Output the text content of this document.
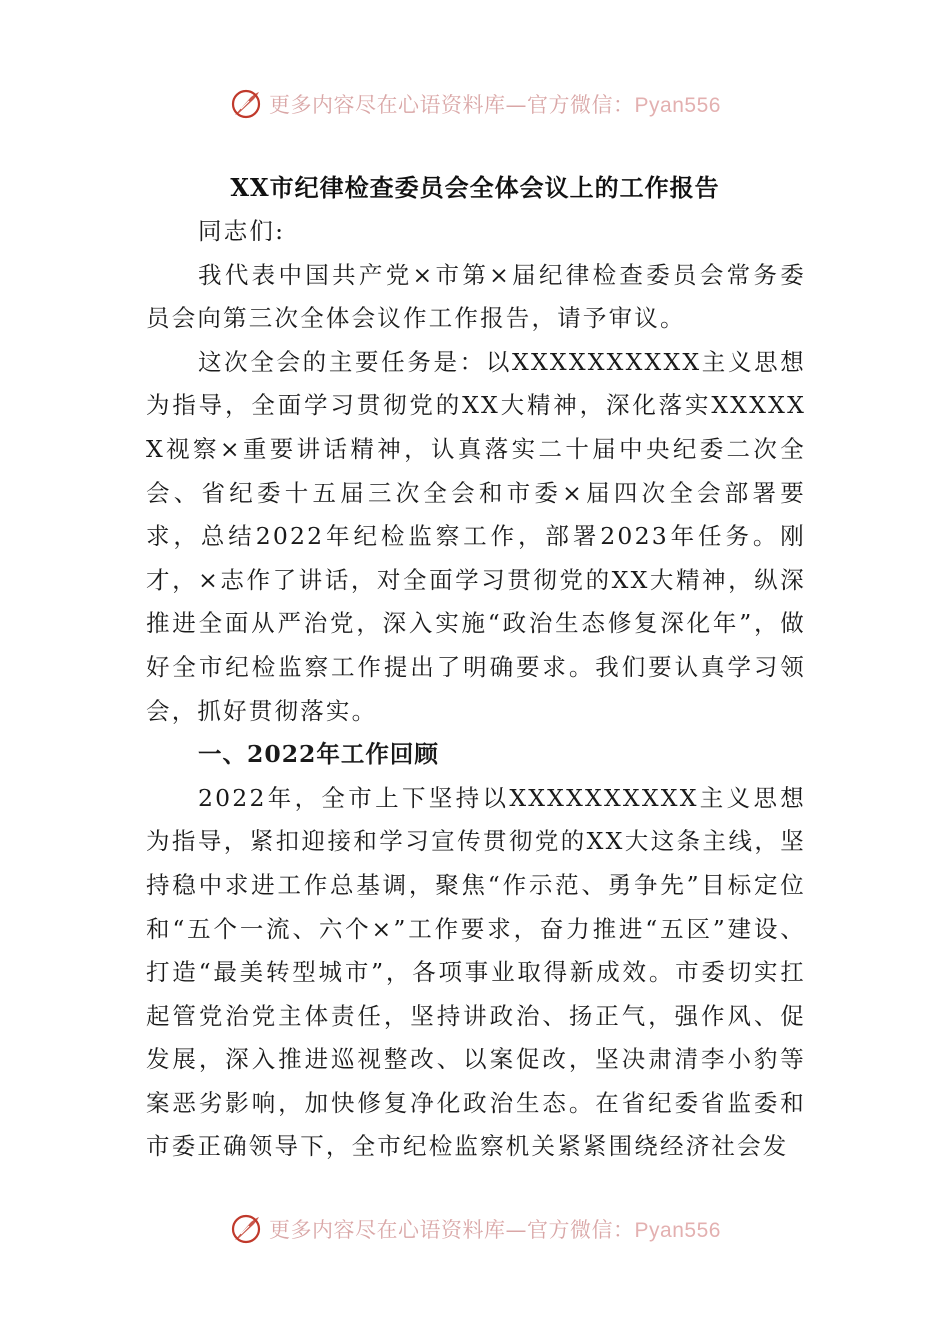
更多内容尽在心语资料库—官方微信：Pyan556
XX市纪律检查委员会全体会议上的工作报告

同志们:

我代表中国共产党×市第×届纪律检查委员会常务委员会向第三次全体会议作工作报告，请予审议。

这次全会的主要任务是：以XXXXXXXXXX主义思想为指导，全面学习贯彻党的XX大精神，深化落实XXXXXX视察×重要讲话精神，认真落实二十届中央纪委二次全会、省纪委十五届三次全会和市委×届四次全会部署要求，总结2022年纪检监察工作，部署2023年任务。刚才，×志作了讲话，对全面学习贯彻党的XX大精神，纵深推进全面从严治党，深入实施“政治生态修复深化年”，做好全市纪检监察工作提出了明确要求。我们要认真学习领会，抓好贯彻落实。

一、2022年工作回顾

2022年，全市上下坚持以XXXXXXXXXX主义思想为指导，紧扣迎接和学习宣传贯彻党的XX大这条主线，坚持稳中求进工作总基调，聚焦“作示范、勇争先”目标定位和“五个一流、六个×”工作要求，奋力推进“五区”建设、打造“最美转型城市”，各项事业取得新成效。市委切实扛起管党治党主体责任，坚持讲政治、扬正气，强作风、促发展，深入推进巡视整改、以案促改，坚决肃清李小豹等案恶劣影响，加快修复净化政治生态。在省纪委省监委和市委正确领导下，全市纪检监察机关紧紧围绕经济社会发

更多内容尽在心语资料库—官方微信：Pyan556
